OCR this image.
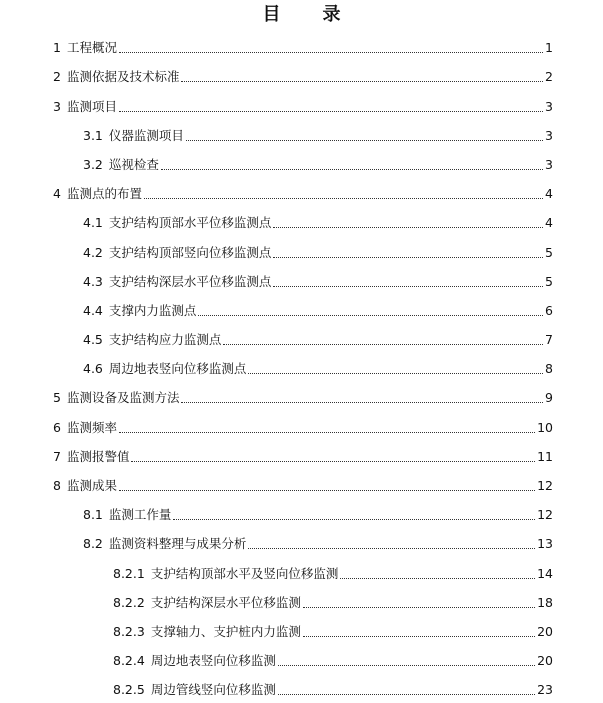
目 录
1 工程概况	1
2 监测依据及技术标准	2
3 监测项目	3
3.1 仪器监测项目	3
3.2 巡视检查	3
4 监测点的布置	4
4.1 支护结构顶部水平位移监测点	4
4.2 支护结构顶部竖向位移监测点	5
4.3 支护结构深层水平位移监测点	5
4.4 支撑内力监测点	6
4.5 支护结构应力监测点	7
4.6 周边地表竖向位移监测点	8
5 监测设备及监测方法	9
6 监测频率	10
7 监测报警值	11
8 监测成果	12
8.1 监测工作量	12
8.2 监测资料整理与成果分析	13
8.2.1 支护结构顶部水平及竖向位移监测	14
8.2.2 支护结构深层水平位移监测	18
8.2.3 支撑轴力、支护桩内力监测	20
8.2.4 周边地表竖向位移监测	20
8.2.5 周边管线竖向位移监测	23
